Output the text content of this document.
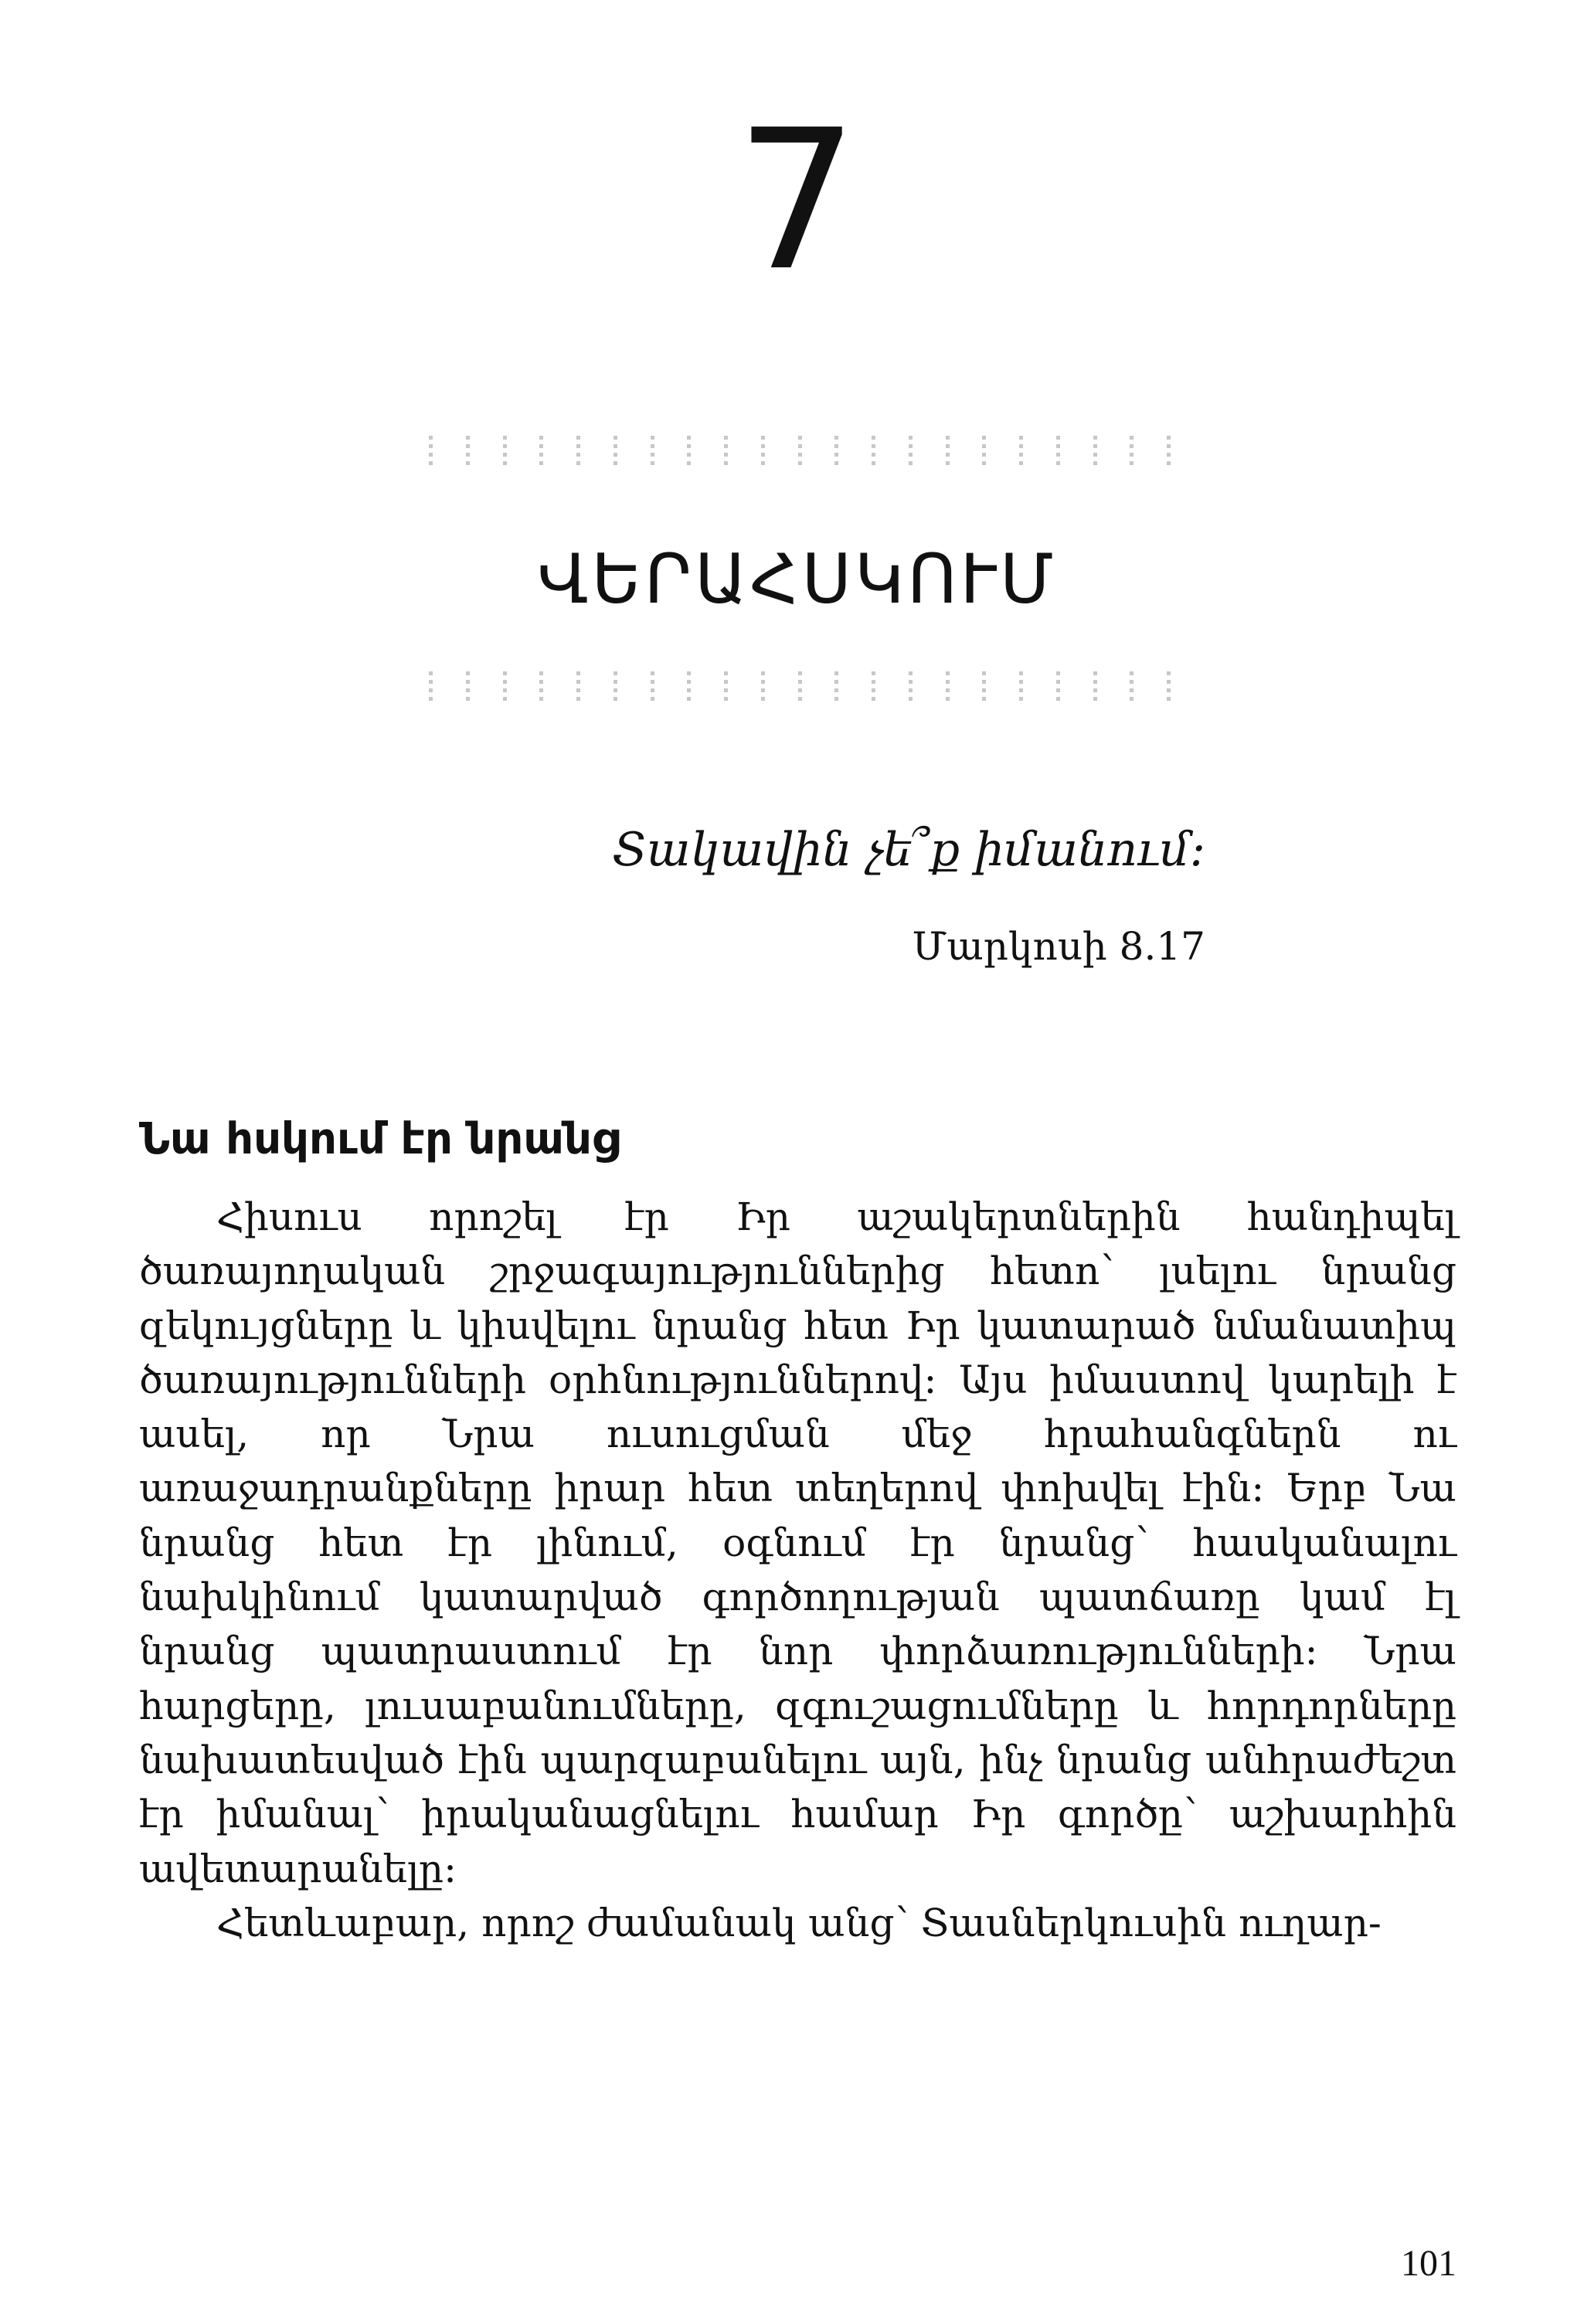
7
ՎԵՐԱՀՍԿՈՒՄ
Տակավին չե՞ք իմանում:
Մարկոսի 8.17
Նա հսկում էր նրանց

Հիսուս որոշել էր Իր աշակերտներին հանդիպել ծառայողական շրջագայություններից հետո՝ լսելու նրանց զեկույցները և կիսվելու նրանց հետ Իր կատարած նմանատիպ ծառայությունների օրհնություններով: Այս իմաստով կարելի է ասել, որ Նրա ուսուցման մեջ հրահանգներն ու առաջադրանքները իրար հետ տեղերով փոխվել էին: Երբ Նա նրանց հետ էր լինում, օգնում էր նրանց՝ հասկանալու նախկինում կատարված գործողության պատճառը կամ էլ նրանց պատրաստում էր նոր փորձառությունների: Նրա հարցերը, լուսաբանումները, զգուշացումները և հորդորները նախատեսված էին պարզաբանելու այն, ինչ նրանց անհրաժեշտ էր իմանալ՝ իրականացնելու համար Իր գործը՝ աշխարհին ավետարանելը:

Հետևաբար, որոշ ժամանակ անց՝ Տասներկուսին ուղար-

101
